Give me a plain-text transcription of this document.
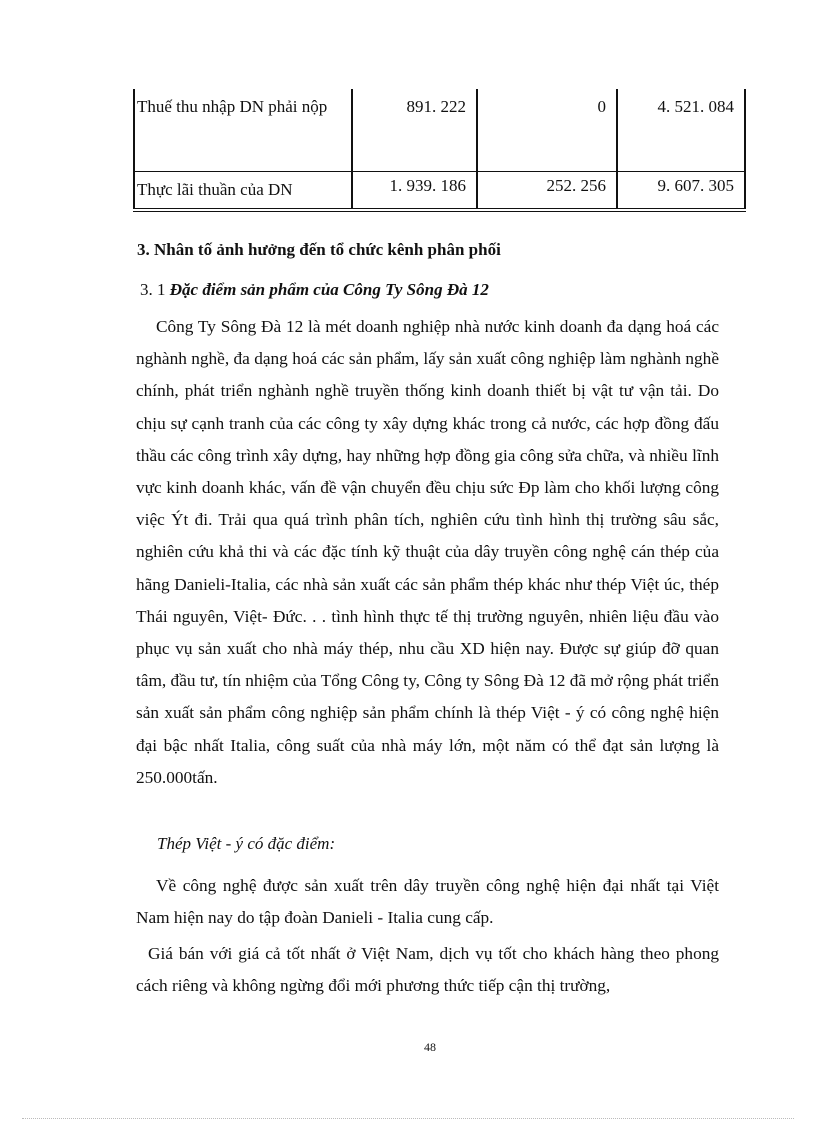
Thuế thu nhập DN phải nộp	891. 222	0	4. 521. 084
Thực lãi thuần của DN	1. 939. 186	252. 256	9. 607. 305
3. Nhân tố ảnh hưởng đến tổ chức kênh phân phối
3. 1 Đặc điểm sản phẩm của Công Ty Sông Đà 12

Công Ty Sông Đà 12 là mét doanh nghiệp nhà nước kinh doanh đa dạng hoá các nghành nghề, đa dạng hoá các sản phẩm, lấy sản xuất công nghiệp làm nghành nghề chính, phát triển nghành nghề truyền thống kinh doanh thiết bị vật tư vận tải. Do chịu sự cạnh tranh của các công ty xây dựng khác trong cả nước, các hợp đồng đấu thầu các công trình xây dựng, hay những hợp đồng gia công sửa chữa, và nhiều lĩnh vực kinh doanh khác, vấn đề vận chuyển đều chịu sức Ðp làm cho khối lượng công việc Ýt đi. Trải qua quá trình phân tích, nghiên cứu tình hình thị trường sâu sắc, nghiên cứu khả thi và các đặc tính kỹ thuật của dây truyền công nghệ cán thép của hãng Danieli-Italia, các nhà sản xuất các sản phẩm thép khác như thép Việt úc, thép Thái nguyên, Việt- Đức. . . tình hình thực tế thị trường nguyên, nhiên liệu đầu vào phục vụ sản xuất cho nhà máy thép, nhu cầu XD hiện nay. Được sự giúp đỡ quan tâm, đầu tư, tín nhiệm của Tổng Công ty, Công ty Sông Đà 12 đã mở rộng phát triển sản xuất sản phẩm công nghiệp sản phẩm chính là thép Việt - ý có công nghệ hiện đại bậc nhất Italia, công suất của nhà máy lớn, một năm có thể đạt sản lượng là 250.000tấn.

Thép Việt - ý có đặc điểm:

Về công nghệ được sản xuất trên dây truyền công nghệ hiện đại nhất tại Việt Nam hiện nay do tập đoàn Danieli - Italia cung cấp.

Giá bán với giá cả tốt nhất ở Việt Nam, dịch vụ tốt cho khách hàng theo phong cách riêng và không ngừng đổi mới phương thức tiếp cận thị trường,

48
